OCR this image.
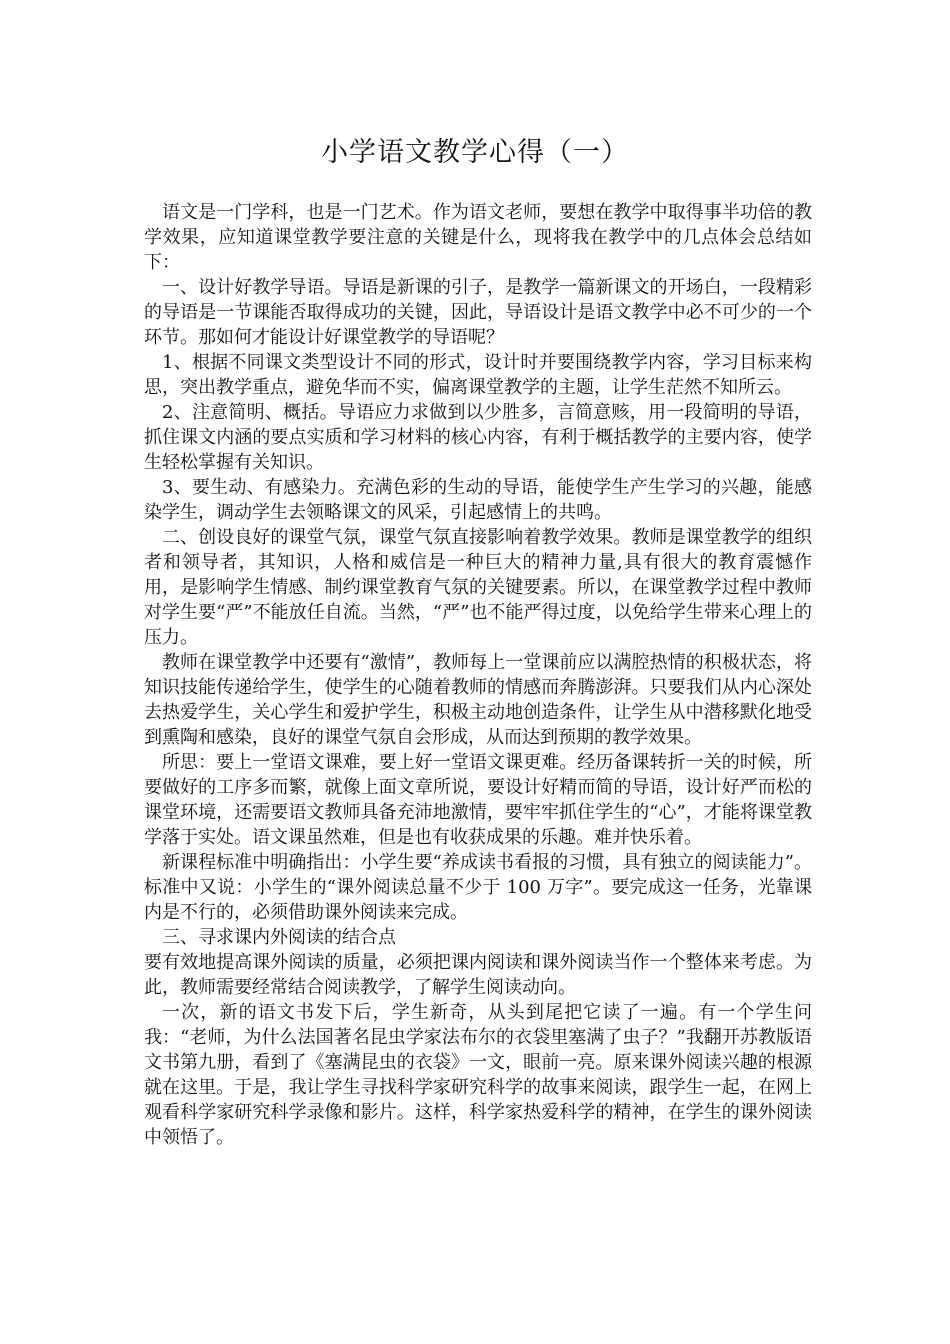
小学语文教学心得（一）

语文是一门学科，也是一门艺术。作为语文老师，要想在教学中取得事半功倍的教学效果，应知道课堂教学要注意的关键是什么，现将我在教学中的几点体会总结如下：

一、设计好教学导语。导语是新课的引子，是教学一篇新课文的开场白，一段精彩的导语是一节课能否取得成功的关键，因此，导语设计是语文教学中必不可少的一个环节。那如何才能设计好课堂教学的导语呢？

1、根据不同课文类型设计不同的形式，设计时并要围绕教学内容，学习目标来构思，突出教学重点，避免华而不实，偏离课堂教学的主题，让学生茫然不知所云。

2、注意简明、概括。导语应力求做到以少胜多，言简意赅，用一段简明的导语，抓住课文内涵的要点实质和学习材料的核心内容，有利于概括教学的主要内容，使学生轻松掌握有关知识。

3、要生动、有感染力。充满色彩的生动的导语，能使学生产生学习的兴趣，能感染学生，调动学生去领略课文的风采，引起感情上的共鸣。

二、创设良好的课堂气氛，课堂气氛直接影响着教学效果。教师是课堂教学的组织者和领导者，其知识，人格和威信是一种巨大的精神力量,具有很大的教育震憾作用，是影响学生情感、制约课堂教育气氛的关键要素。所以，在课堂教学过程中教师对学生要“严”不能放任自流。当然，“严”也不能严得过度，以免给学生带来心理上的压力。

教师在课堂教学中还要有“激情”，教师每上一堂课前应以满腔热情的积极状态，将知识技能传递给学生，使学生的心随着教师的情感而奔腾澎湃。只要我们从内心深处去热爱学生，关心学生和爱护学生，积极主动地创造条件，让学生从中潜移默化地受到熏陶和感染，良好的课堂气氛自会形成，从而达到预期的教学效果。

所思：要上一堂语文课难，要上好一堂语文课更难。经历备课转折一关的时候，所要做好的工序多而繁，就像上面文章所说，要设计好精而简的导语，设计好严而松的课堂环境，还需要语文教师具备充沛地激情，要牢牢抓住学生的“心”，才能将课堂教学落于实处。语文课虽然难，但是也有收获成果的乐趣。难并快乐着。

新课程标准中明确指出：小学生要“养成读书看报的习惯，具有独立的阅读能力”。标准中又说：小学生的“课外阅读总量不少于 100 万字”。要完成这一任务，光靠课内是不行的，必须借助课外阅读来完成。

三、寻求课内外阅读的结合点

要有效地提高课外阅读的质量，必须把课内阅读和课外阅读当作一个整体来考虑。为此，教师需要经常结合阅读教学，了解学生阅读动向。

一次，新的语文书发下后，学生新奇，从头到尾把它读了一遍。有一个学生问我：“老师，为什么法国著名昆虫学家法布尔的衣袋里塞满了虫子？”我翻开苏教版语文书第九册，看到了《塞满昆虫的衣袋》一文，眼前一亮。原来课外阅读兴趣的根源就在这里。于是，我让学生寻找科学家研究科学的故事来阅读，跟学生一起，在网上观看科学家研究科学录像和影片。这样，科学家热爱科学的精神，在学生的课外阅读中领悟了。
